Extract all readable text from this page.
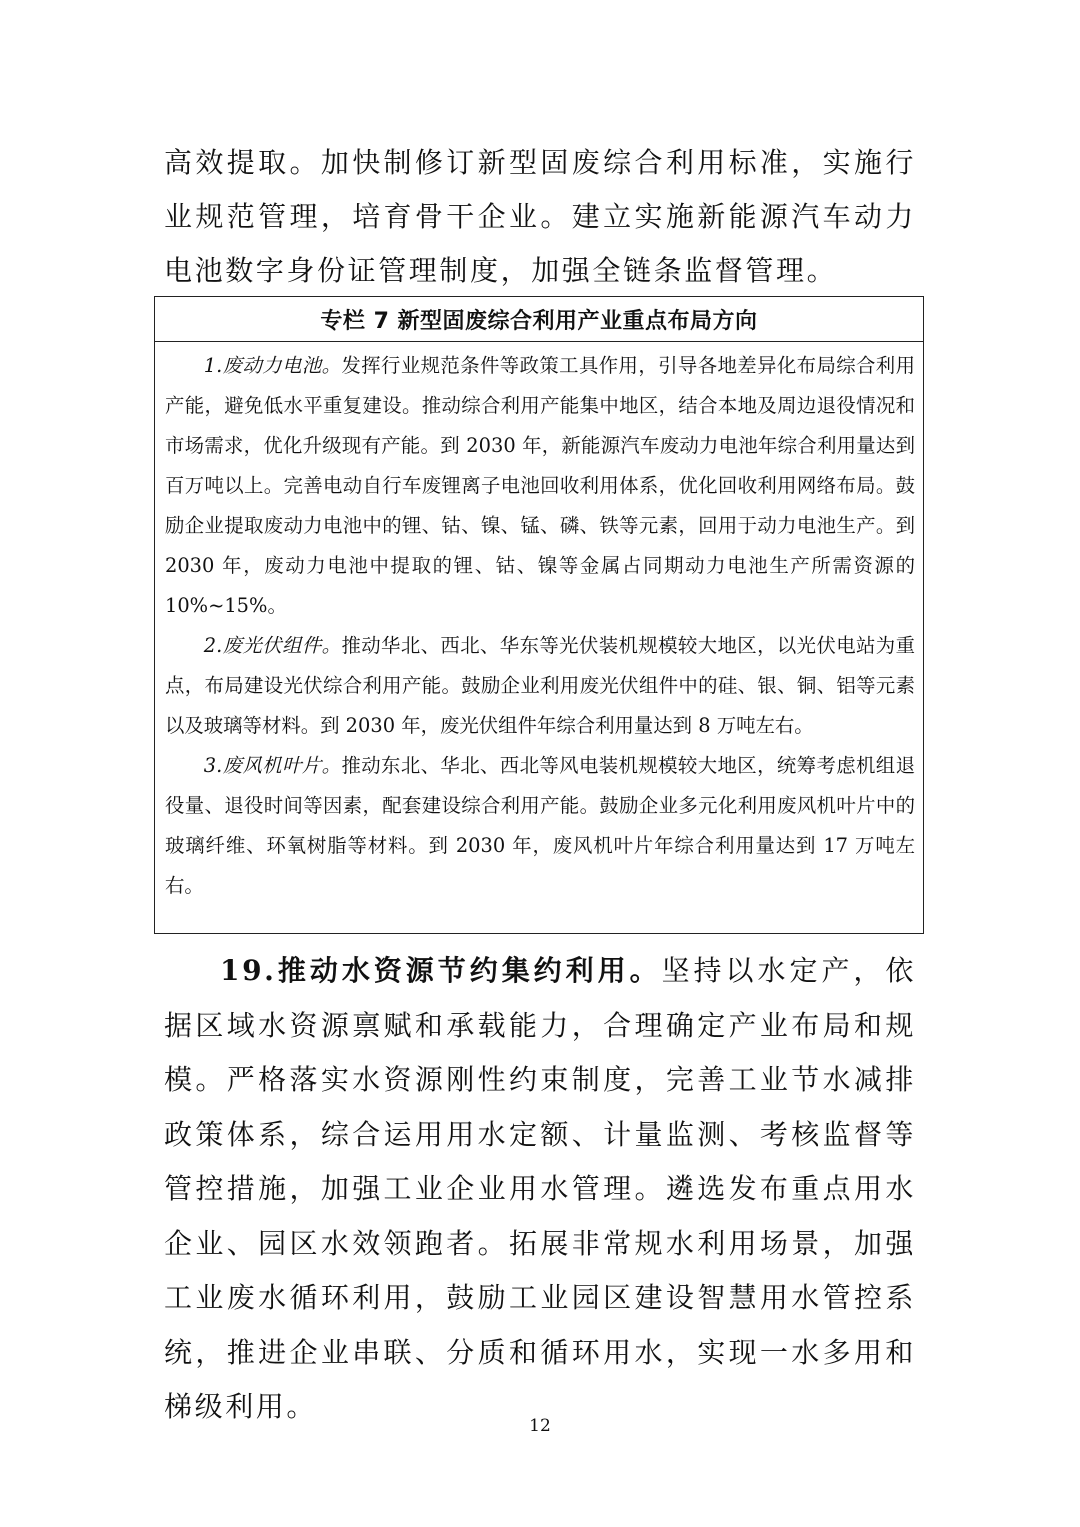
高效提取。加快制修订新型固废综合利用标准，实施行业规范管理，培育骨干企业。建立实施新能源汽车动力电池数字身份证管理制度，加强全链条监督管理。

专栏 7 新型固废综合利用产业重点布局方向

1.废动力电池。发挥行业规范条件等政策工具作用，引导各地差异化布局综合利用产能，避免低水平重复建设。推动综合利用产能集中地区，结合本地及周边退役情况和市场需求，优化升级现有产能。到 2030 年，新能源汽车废动力电池年综合利用量达到百万吨以上。完善电动自行车废锂离子电池回收利用体系，优化回收利用网络布局。鼓励企业提取废动力电池中的锂、钴、镍、锰、磷、铁等元素，回用于动力电池生产。到 2030 年，废动力电池中提取的锂、钴、镍等金属占同期动力电池生产所需资源的 10%~15%。

2.废光伏组件。推动华北、西北、华东等光伏装机规模较大地区，以光伏电站为重点，布局建设光伏综合利用产能。鼓励企业利用废光伏组件中的硅、银、铜、铝等元素以及玻璃等材料。到 2030 年，废光伏组件年综合利用量达到 8 万吨左右。

3.废风机叶片。推动东北、华北、西北等风电装机规模较大地区，统筹考虑机组退役量、退役时间等因素，配套建设综合利用产能。鼓励企业多元化利用废风机叶片中的玻璃纤维、环氧树脂等材料。到 2030 年，废风机叶片年综合利用量达到 17 万吨左右。

19.推动水资源节约集约利用。坚持以水定产，依据区域水资源禀赋和承载能力，合理确定产业布局和规模。严格落实水资源刚性约束制度，完善工业节水减排政策体系，综合运用用水定额、计量监测、考核监督等管控措施，加强工业企业用水管理。遴选发布重点用水企业、园区水效领跑者。拓展非常规水利用场景，加强工业废水循环利用，鼓励工业园区建设智慧用水管控系统，推进企业串联、分质和循环用水，实现一水多用和梯级利用。

12
